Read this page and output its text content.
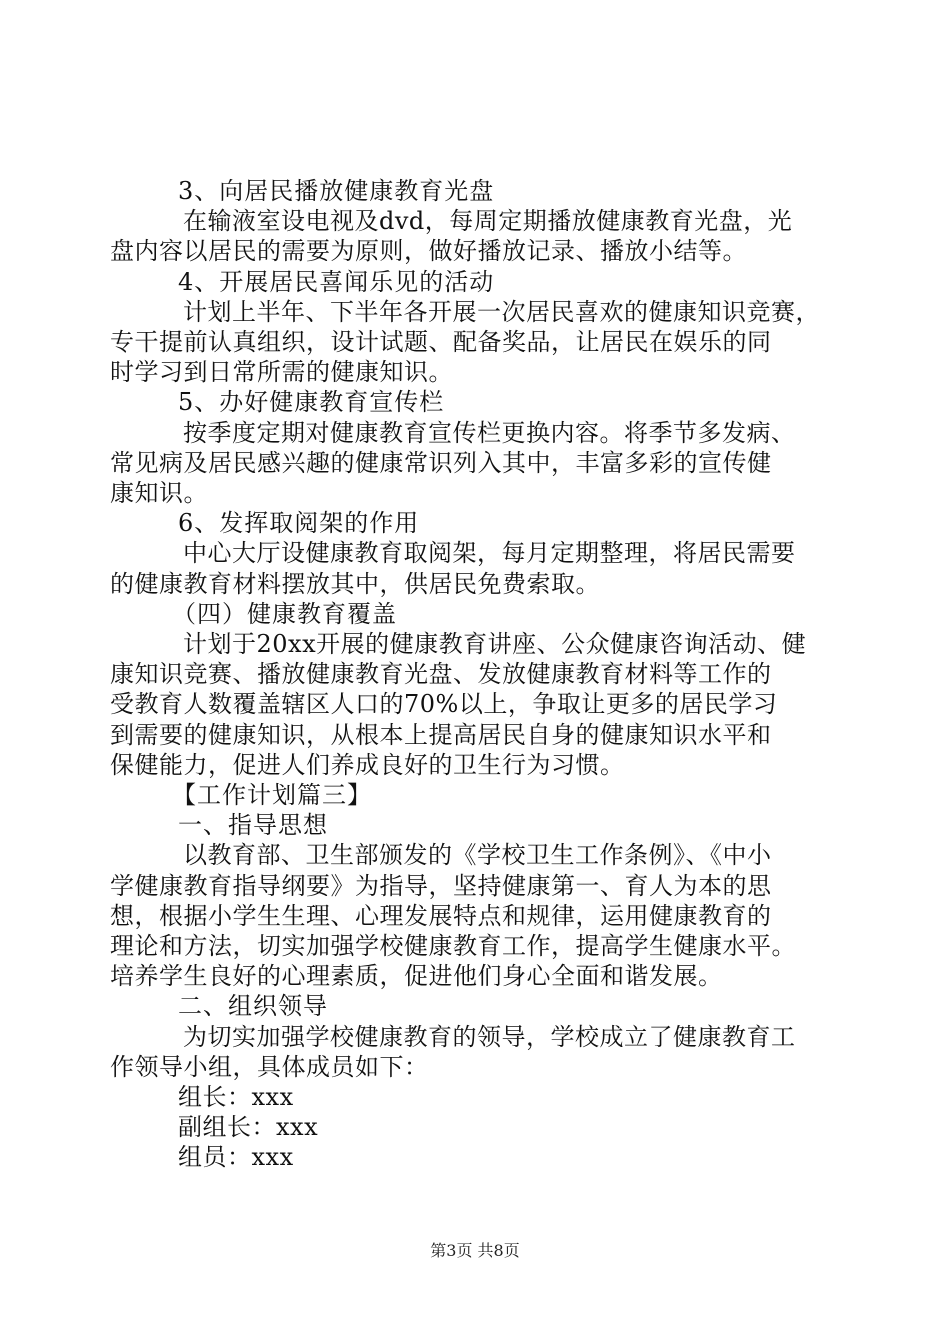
3、向居民播放健康教育光盘
在输液室设电视及dvd，每周定期播放健康教育光盘，光
盘内容以居民的需要为原则，做好播放记录、播放小结等。
4、开展居民喜闻乐见的活动
计划上半年、下半年各开展一次居民喜欢的健康知识竞赛，
专干提前认真组织，设计试题、配备奖品，让居民在娱乐的同
时学习到日常所需的健康知识。
5、办好健康教育宣传栏
按季度定期对健康教育宣传栏更换内容。将季节多发病、
常见病及居民感兴趣的健康常识列入其中，丰富多彩的宣传健
康知识。
6、发挥取阅架的作用
中心大厅设健康教育取阅架，每月定期整理，将居民需要
的健康教育材料摆放其中，供居民免费索取。
（四）健康教育覆盖
计划于20xx开展的健康教育讲座、公众健康咨询活动、健
康知识竞赛、播放健康教育光盘、发放健康教育材料等工作的
受教育人数覆盖辖区人口的70%以上，争取让更多的居民学习
到需要的健康知识，从根本上提高居民自身的健康知识水平和
保健能力，促进人们养成良好的卫生行为习惯。
【工作计划篇三】
一、指导思想
以教育部、卫生部颁发的《学校卫生工作条例》、《中小
学健康教育指导纲要》为指导，坚持健康第一、育人为本的思
想，根据小学生生理、心理发展特点和规律，运用健康教育的
理论和方法，切实加强学校健康教育工作，提高学生健康水平。
培养学生良好的心理素质，促进他们身心全面和谐发展。
二、组织领导
为切实加强学校健康教育的领导，学校成立了健康教育工
作领导小组，具体成员如下：
组长：xxx
副组长：xxx
组员：xxx
第3页 共8页
